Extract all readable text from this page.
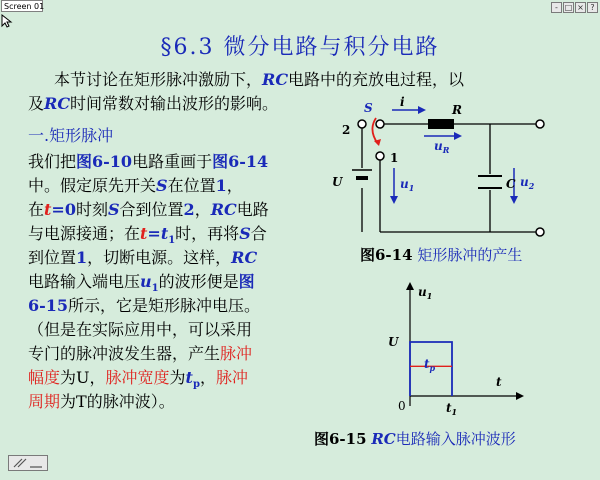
Screen 01	- □ × ?
§6.3 微分电路与积分电路
本节讨论在矩形脉冲激励下，RC电路中的充放电过程，以
及RC时间常数对输出波形的影响。
一.矩形脉冲
我们把图6-10电路重画于图6-14
中。假定原先开关S在位置1，
在t=0时刻S合到位置2，RC电路
与电源接通；在$t=t_1$时，再将S合
到位置1，切断电源。这样，RC
电路输入端电压$u_1$的波形便是图
6-15所示，它是矩形脉冲电压。
（但是在实际应用中，可以采用
专门的脉冲波发生器，产生脉冲
幅度为U，脉冲宽度为$t_p$，脉冲
周期为T的脉冲波）。
S i
R
$u_R$
U	$u_1$	C $u_2$
2
1
图6-14 矩形脉冲的产生
$u_1$
U
$t_p$
t
$t_1$
0
图6-15 RC电路输入脉冲波形
